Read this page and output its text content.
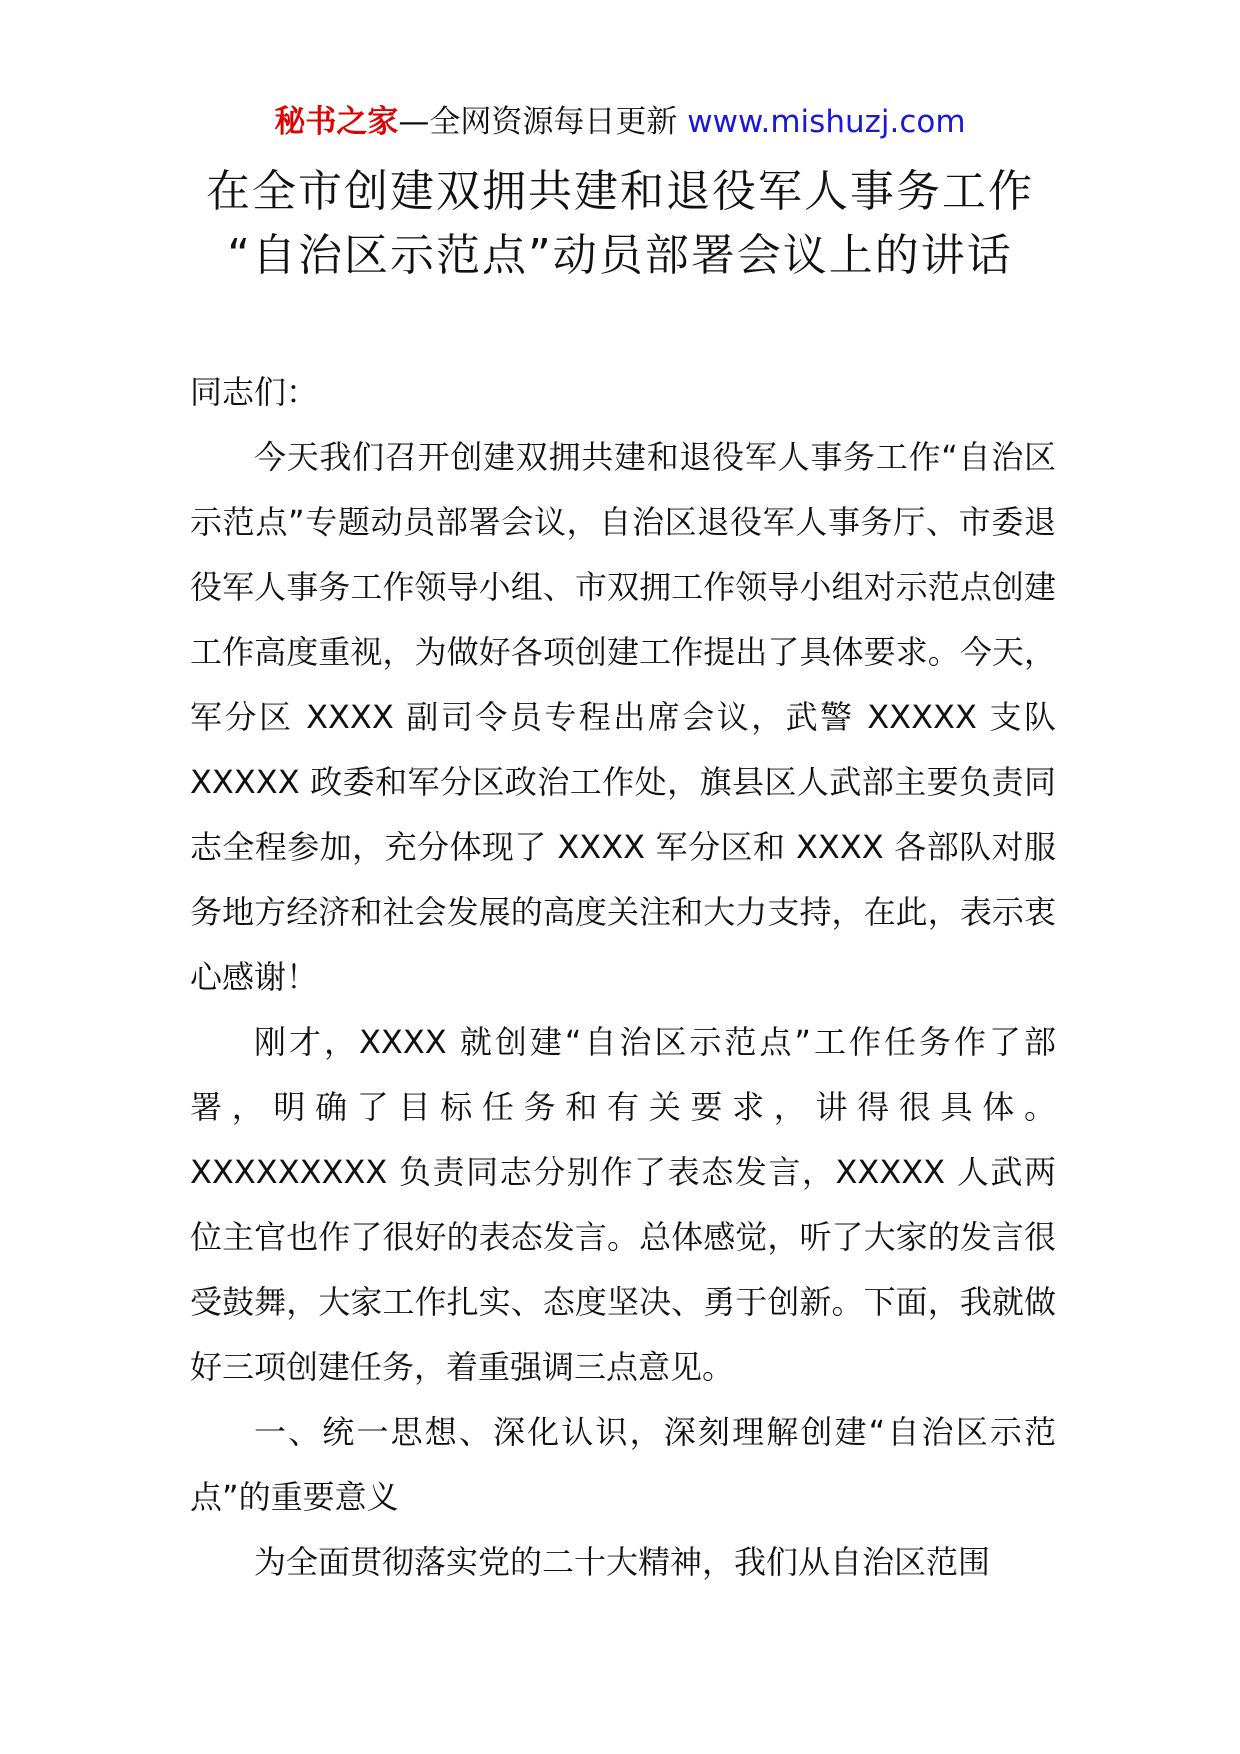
秘书之家—全网资源每日更新 www.mishuzj.com
在全市创建双拥共建和退役军人事务工作
“自治区示范点”动员部署会议上的讲话

同志们：

今天我们召开创建双拥共建和退役军人事务工作“自治区示范点”专题动员部署会议，自治区退役军人事务厅、市委退役军人事务工作领导小组、市双拥工作领导小组对示范点创建工作高度重视，为做好各项创建工作提出了具体要求。今天，军分区 XXXX 副司令员专程出席会议，武警 XXXXX 支队 XXXXX 政委和军分区政治工作处，旗县区人武部主要负责同志全程参加，充分体现了 XXXX 军分区和 XXXX 各部队对服务地方经济和社会发展的高度关注和大力支持，在此，表示衷心感谢！

刚才，XXXX 就创建“自治区示范点”工作任务作了部署，明确了目标任务和有关要求，讲得很具体。XXXXXXXXX 负责同志分别作了表态发言，XXXXX 人武两位主官也作了很好的表态发言。总体感觉，听了大家的发言很受鼓舞，大家工作扎实、态度坚决、勇于创新。下面，我就做好三项创建任务，着重强调三点意见。

一、统一思想、深化认识，深刻理解创建“自治区示范点”的重要意义

为全面贯彻落实党的二十大精神，我们从自治区范围
